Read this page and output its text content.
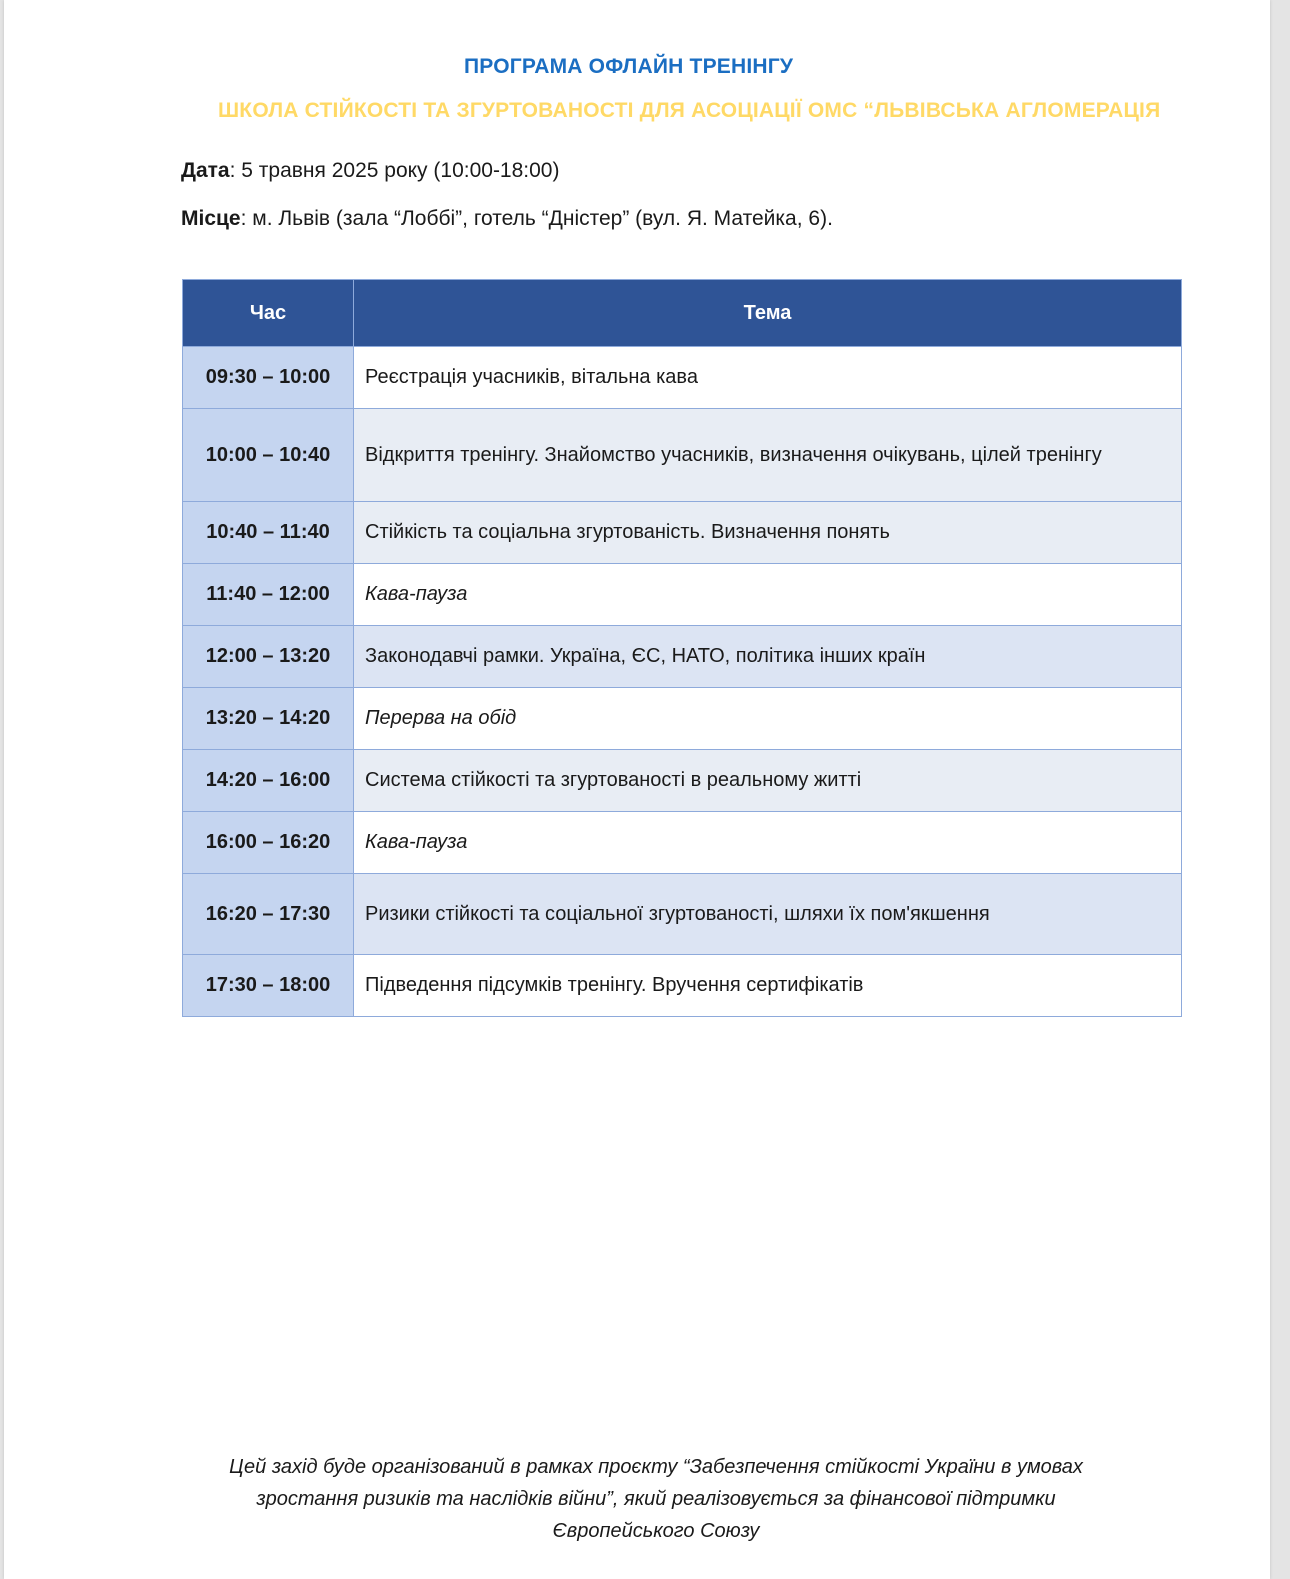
ПРОГРАМА ОФЛАЙН ТРЕНІНГУ
ШКОЛА СТІЙКОСТІ ТА ЗГУРТОВАНОСТІ ДЛЯ АСОЦІАЦІЇ ОМС “ЛЬВІВСЬКА АГЛОМЕРАЦІЯ
Дата: 5 травня 2025 року (10:00-18:00)
Місце: м. Львів (зала “Лоббі”, готель “Дністер” (вул. Я. Матейка, 6).
Час	Тема
09:30 – 10:00	Реєстрація учасників, вітальна кава
10:00 – 10:40	Відкриття тренінгу. Знайомство учасників, визначення очікувань, цілей тренінгу
10:40 – 11:40	Стійкість та соціальна згуртованість. Визначення понять
11:40 – 12:00	Кава-пауза
12:00 – 13:20	Законодавчі рамки. Україна, ЄС, НАТО, політика інших країн
13:20 – 14:20	Перерва на обід
14:20 – 16:00	Система стійкості та згуртованості в реальному житті
16:00 – 16:20	Кава-пауза
16:20 – 17:30	Ризики стійкості та соціальної згуртованості, шляхи їх пом'якшення
17:30 – 18:00	Підведення підсумків тренінгу. Вручення сертифікатів
Цей захід буде організований в рамках проєкту “Забезпечення стійкості України в умовах
зростання ризиків та наслідків війни”, який реалізовується за фінансової підтримки
Європейського Союзу
